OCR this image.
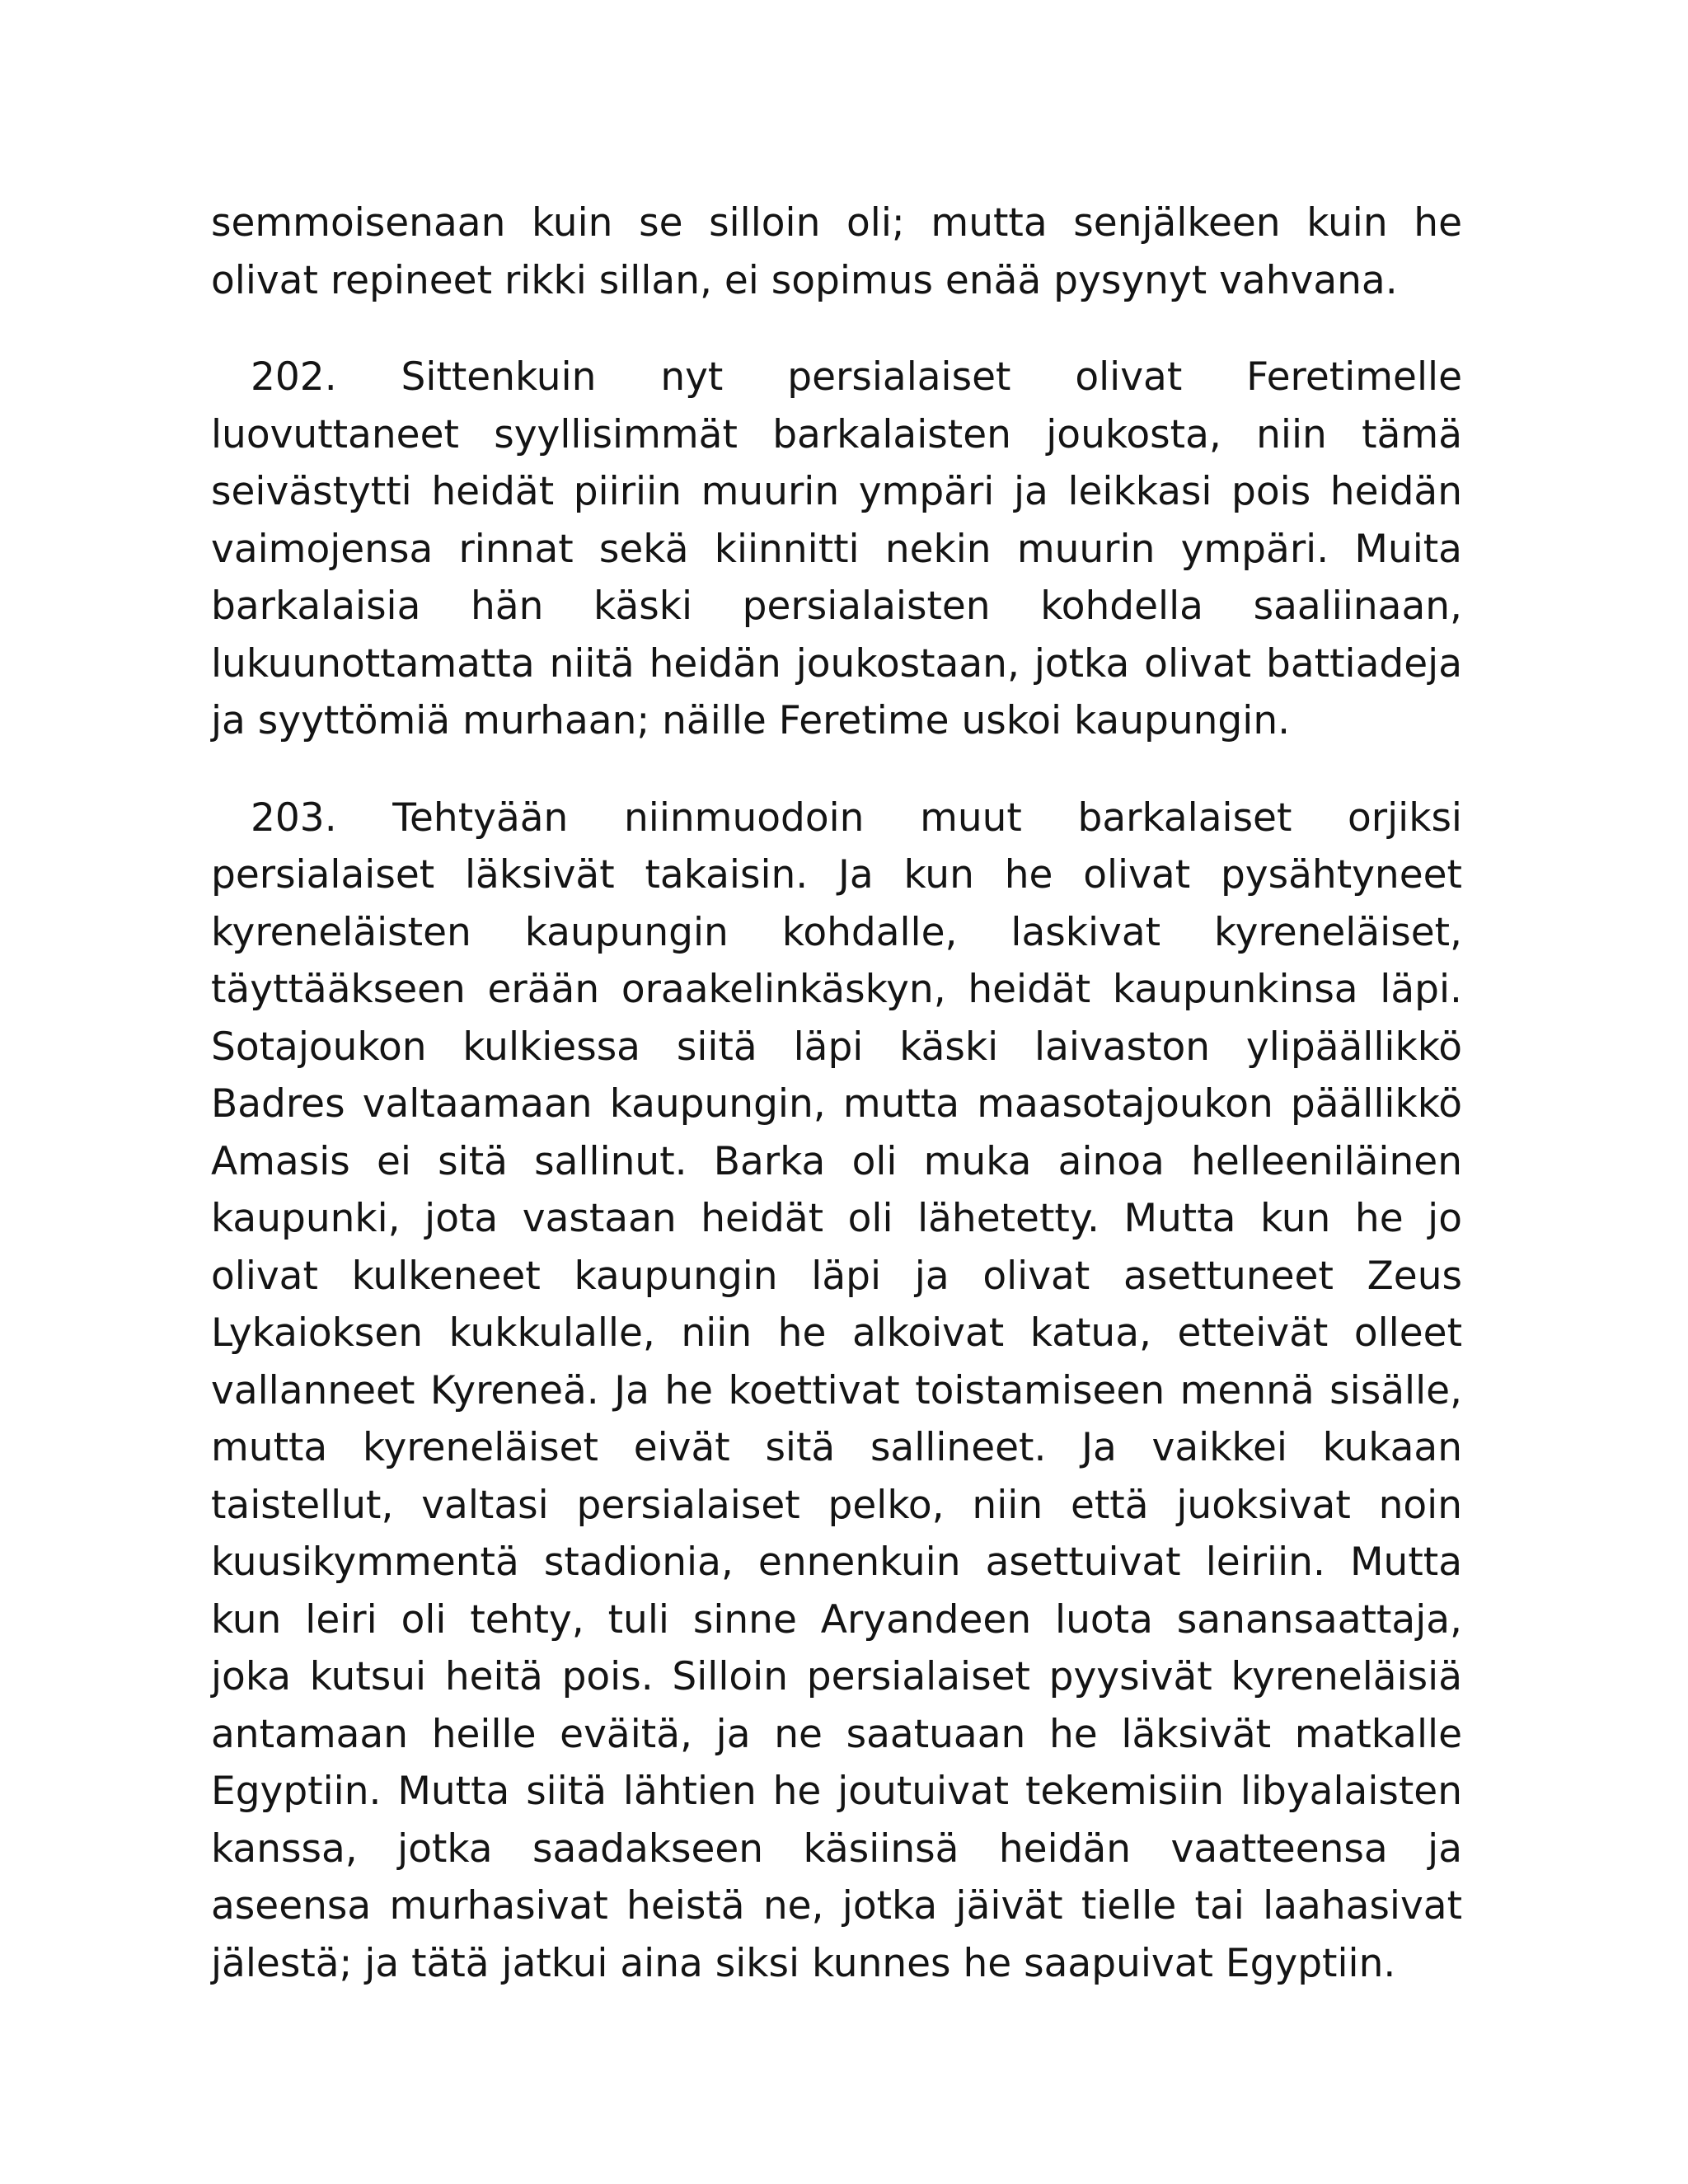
semmoisenaan kuin se silloin oli; mutta senjälkeen kuin he olivat repineet rikki sillan, ei sopimus enää pysynyt vahvana.

202. Sittenkuin nyt persialaiset olivat Feretimelle luovuttaneet syyllisimmät barkalaisten joukosta, niin tämä seivästytti heidät piiriin muurin ympäri ja leikkasi pois heidän vaimojensa rinnat sekä kiinnitti nekin muurin ympäri. Muita barkalaisia hän käski persialaisten kohdella saaliinaan, lukuunottamatta niitä heidän joukostaan, jotka olivat battiadeja ja syyttömiä murhaan; näille Feretime uskoi kaupungin.

203. Tehtyään niinmuodoin muut barkalaiset orjiksi persialaiset läksivät takaisin. Ja kun he olivat pysähtyneet kyreneläisten kaupungin kohdalle, laskivat kyreneläiset, täyttääkseen erään oraakelinkäskyn, heidät kaupunkinsa läpi. Sotajoukon kulkiessa siitä läpi käski laivaston ylipäällikkö Badres valtaamaan kaupungin, mutta maasotajoukon päällikkö Amasis ei sitä sallinut. Barka oli muka ainoa helleeniläinen kaupunki, jota vastaan heidät oli lähetetty. Mutta kun he jo olivat kulkeneet kaupungin läpi ja olivat asettuneet Zeus Lykaioksen kukkulalle, niin he alkoivat katua, etteivät olleet vallanneet Kyreneä. Ja he koettivat toistamiseen mennä sisälle, mutta kyreneläiset eivät sitä sallineet. Ja vaikkei kukaan taistellut, valtasi persialaiset pelko, niin että juoksivat noin kuusikymmentä stadionia, ennenkuin asettuivat leiriin. Mutta kun leiri oli tehty, tuli sinne Aryandeen luota sanansaattaja, joka kutsui heitä pois. Silloin persialaiset pyysivät kyreneläisiä antamaan heille eväitä, ja ne saatuaan he läksivät matkalle Egyptiin. Mutta siitä lähtien he joutuivat tekemisiin libyalaisten kanssa, jotka saadakseen käsiinsä heidän vaatteensa ja aseensa murhasivat heistä ne, jotka jäivät tielle tai laahasivat jälestä; ja tätä jatkui aina siksi kunnes he saapuivat Egyptiin.
